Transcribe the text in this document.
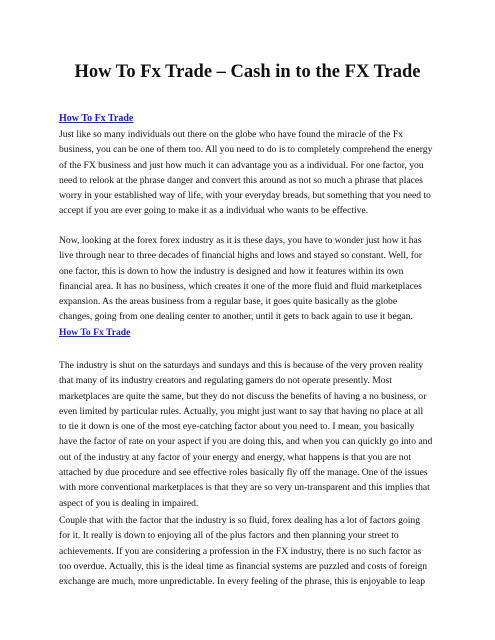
How To Fx Trade – Cash in to the FX Trade
How To Fx Trade

Just like so many individuals out there on the globe who have found the miracle of the Fx
business, you can be one of them too. All you need to do is to completely comprehend the energy
of the FX business and just how much it can advantage you as a individual. For one factor, you
need to relook at the phrase danger and convert this around as not so much a phrase that places
worry in your established way of life, with your everyday breads, but something that you need to
accept if you are ever going to make it as a individual who wants to be effective.

Now, looking at the forex forex industry as it is these days, you have to wonder just how it has
live through near to three decades of financial highs and lows and stayed so constant. Well, for
one factor, this is down to how the industry is designed and how it features within its own
financial area. It has no business, which creates it one of the more fluid and fluid marketplaces
expansion. As the areas business from a regular base, it goes quite basically as the globe
changes, going from one dealing center to another, until it gets to back again to use it began.
How To Fx Trade

The industry is shut on the saturdays and sundays and this is because of the very proven reality
that many of its industry creators and regulating gamers do not operate presently. Most
marketplaces are quite the same, but they do not discuss the benefits of having a no business, or
even limited by particular rules. Actually, you might just want to say that having no place at all
to tie it down is one of the most eye-catching factor about you need to. I mean, you basically
have the factor of rate on your aspect if you are doing this, and when you can quickly go into and
out of the industry at any factor of your energy and energy, what happens is that you are not
attached by due procedure and see effective roles basically fly off the manage. One of the issues
with more conventional marketplaces is that they are so very un-transparent and this implies that
aspect of you is dealing in impaired.

Couple that with the factor that the industry is so fluid, forex dealing has a lot of factors going
for it. It really is down to enjoying all of the plus factors and then planning your street to
achievements. If you are considering a profession in the FX industry, there is no such factor as
too overdue. Actually, this is the ideal time as financial systems are puzzled and costs of foreign
exchange are much, more unpredictable. In every feeling of the phrase, this is enjoyable to leap
